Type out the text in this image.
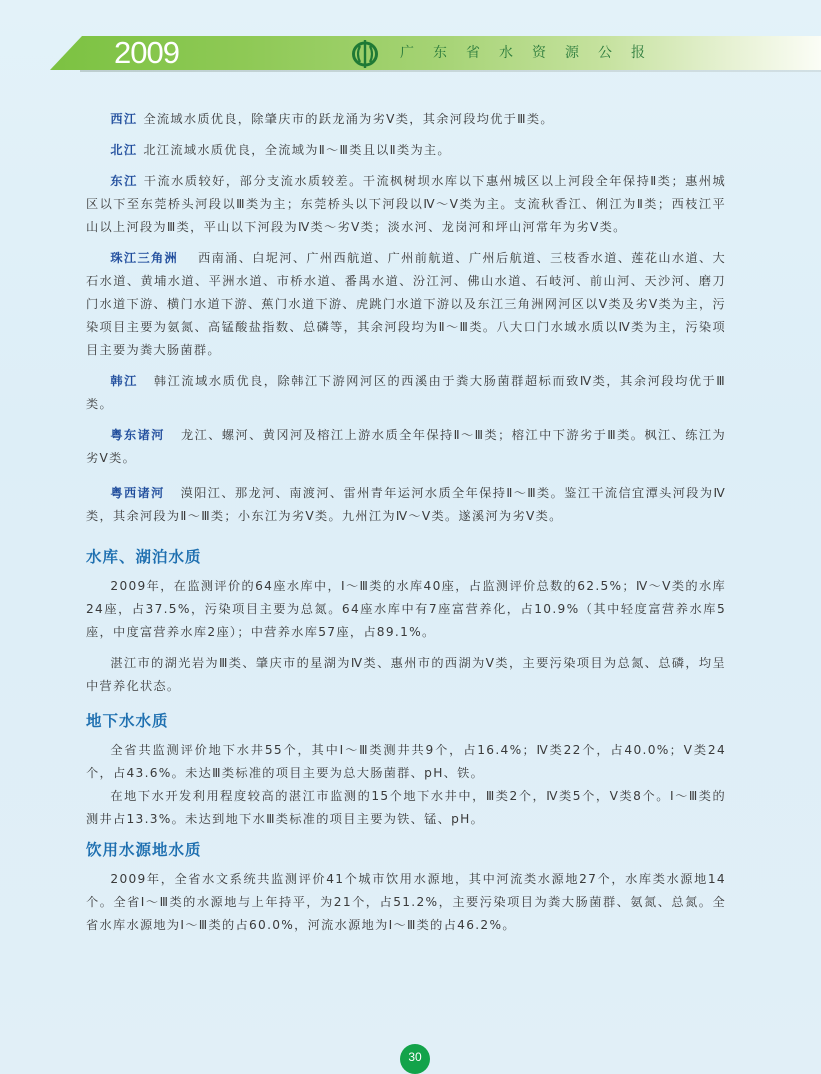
2009	广东省水资源公报

西江 全流域水质优良，除肇庆市的跃龙涌为劣Ⅴ类，其余河段均优于Ⅲ类。

北江 北江流域水质优良，全流域为Ⅱ～Ⅲ类且以Ⅱ类为主。

东江 干流水质较好，部分支流水质较差。干流枫树坝水库以下惠州城区以上河段全年保持Ⅱ类；惠州城区以下至东莞桥头河段以Ⅲ类为主；东莞桥头以下河段以Ⅳ～Ⅴ类为主。支流秋香江、俐江为Ⅱ类；西枝江平山以上河段为Ⅲ类，平山以下河段为Ⅳ类～劣Ⅴ类；淡水河、龙岗河和坪山河常年为劣Ⅴ类。

珠江三角洲 西南涌、白坭河、广州西航道、广州前航道、广州后航道、三枝香水道、莲花山水道、大石水道、黄埔水道、平洲水道、市桥水道、番禺水道、汾江河、佛山水道、石岐河、前山河、天沙河、磨刀门水道下游、横门水道下游、蕉门水道下游、虎跳门水道下游以及东江三角洲网河区以Ⅴ类及劣Ⅴ类为主，污染项目主要为氨氮、高锰酸盐指数、总磷等，其余河段均为Ⅱ～Ⅲ类。八大口门水域水质以Ⅳ类为主，污染项目主要为粪大肠菌群。

韩江 韩江流域水质优良，除韩江下游网河区的西溪由于粪大肠菌群超标而致Ⅳ类，其余河段均优于Ⅲ类。

粤东诸河 龙江、螺河、黄冈河及榕江上游水质全年保持Ⅱ～Ⅲ类；榕江中下游劣于Ⅲ类。枫江、练江为劣Ⅴ类。

粤西诸河 漠阳江、那龙河、南渡河、雷州青年运河水质全年保持Ⅱ～Ⅲ类。鉴江干流信宜潭头河段为Ⅳ类，其余河段为Ⅱ～Ⅲ类；小东江为劣Ⅴ类。九州江为Ⅳ～Ⅴ类。遂溪河为劣Ⅴ类。

水库、湖泊水质

2009年，在监测评价的64座水库中，Ⅰ～Ⅲ类的水库40座，占监测评价总数的62.5%；Ⅳ～Ⅴ类的水库24座，占37.5%，污染项目主要为总氮。64座水库中有7座富营养化，占10.9%（其中轻度富营养水库5座，中度富营养水库2座）；中营养水库57座，占89.1%。

湛江市的湖光岩为Ⅲ类、肇庆市的星湖为Ⅳ类、惠州市的西湖为Ⅴ类，主要污染项目为总氮、总磷，均呈中营养化状态。

地下水水质

全省共监测评价地下水井55个，其中Ⅰ～Ⅲ类测井共9个，占16.4%；Ⅳ类22个，占40.0%；Ⅴ类24个，占43.6%。未达Ⅲ类标准的项目主要为总大肠菌群、pH、铁。

在地下水开发利用程度较高的湛江市监测的15个地下水井中，Ⅲ类2个，Ⅳ类5个，Ⅴ类8个。Ⅰ～Ⅲ类的测井占13.3%。未达到地下水Ⅲ类标准的项目主要为铁、锰、pH。

饮用水源地水质

2009年，全省水文系统共监测评价41个城市饮用水源地，其中河流类水源地27个，水库类水源地14个。全省Ⅰ～Ⅲ类的水源地与上年持平，为21个，占51.2%，主要污染项目为粪大肠菌群、氨氮、总氮。全省水库水源地为Ⅰ～Ⅲ类的占60.0%，河流水源地为Ⅰ～Ⅲ类的占46.2%。

30
